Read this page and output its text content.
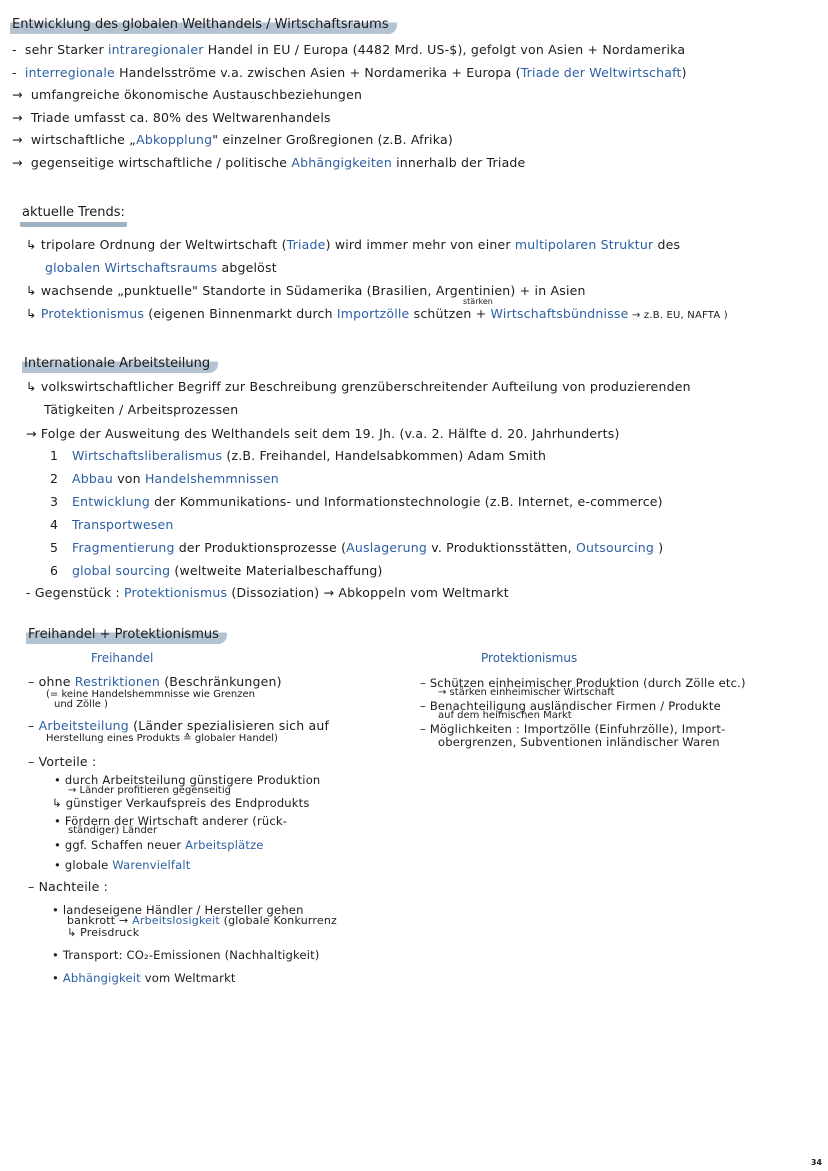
Entwicklung des globalen Welthandels / Wirtschaftsraums
- sehr Starker intraregionaler Handel in EU / Europa (4482 Mrd. US-$), gefolgt von Asien + Nordamerika
- interregionale Handelsströme v.a. zwischen Asien + Nordamerika + Europa (Triade der Weltwirtschaft)
→ umfangreiche ökonomische Austauschbeziehungen
→ Triade umfasst ca. 80% des Weltwarenhandels
→ wirtschaftliche „Abkopplung" einzelner Großregionen (z.B. Afrika)
→ gegenseitige wirtschaftliche / politische Abhängigkeiten innerhalb der Triade
aktuelle Trends:
↳ tripolare Ordnung der Weltwirtschaft (Triade) wird immer mehr von einer multipolaren Struktur des
globalen Wirtschaftsraums abgelöst
↳ wachsende „punktuelle" Standorte in Südamerika (Brasilien, Argentinien) + in Asien
stärken
↳ Protektionismus (eigenen Binnenmarkt durch Importzölle schützen + Wirtschaftsbündnisse → z.B. EU, NAFTA )
Internationale Arbeitsteilung
↳ volkswirtschaftlicher Begriff zur Beschreibung grenzüberschreitender Aufteilung von produzierenden
Tätigkeiten / Arbeitsprozessen
→ Folge der Ausweitung des Welthandels seit dem 19. Jh. (v.a. 2. Hälfte d. 20. Jahrhunderts)
1 Wirtschaftsliberalismus (z.B. Freihandel, Handelsabkommen) Adam Smith
2 Abbau von Handelshemmnissen
3 Entwicklung der Kommunikations- und Informationstechnologie (z.B. Internet, e-commerce)
4 Transportwesen
5 Fragmentierung der Produktionsprozesse (Auslagerung v. Produktionsstätten, Outsourcing )
6 global sourcing (weltweite Materialbeschaffung)
- Gegenstück : Protektionismus (Dissoziation) → Abkoppeln vom Weltmarkt
Freihandel + Protektionismus
Freihandel	Protektionismus
– ohne Restriktionen (Beschränkungen)
(= keine Handelshemmnisse wie Grenzen
und Zölle )
– Arbeitsteilung (Länder spezialisieren sich auf
Herstellung eines Produkts ≙ globaler Handel)
– Vorteile :
• durch Arbeitsteilung günstigere Produktion
→ Länder profitieren gegenseitig
↳ günstiger Verkaufspreis des Endprodukts
• Fördern der Wirtschaft anderer (rück-
ständiger) Länder
• ggf. Schaffen neuer Arbeitsplätze
• globale Warenvielfalt
– Nachteile :
• landeseigene Händler / Hersteller gehen
bankrott → Arbeitslosigkeit (globale Konkurrenz
↳ Preisdruck
• Transport: CO₂-Emissionen (Nachhaltigkeit)
• Abhängigkeit vom Weltmarkt
– Schützen einheimischer Produktion (durch Zölle etc.)
→ stärken einheimischer Wirtschaft
– Benachteiligung ausländischer Firmen / Produkte
auf dem heimischen Markt
– Möglichkeiten : Importzölle (Einfuhrzölle), Import-
obergrenzen, Subventionen inländischer Waren
34
